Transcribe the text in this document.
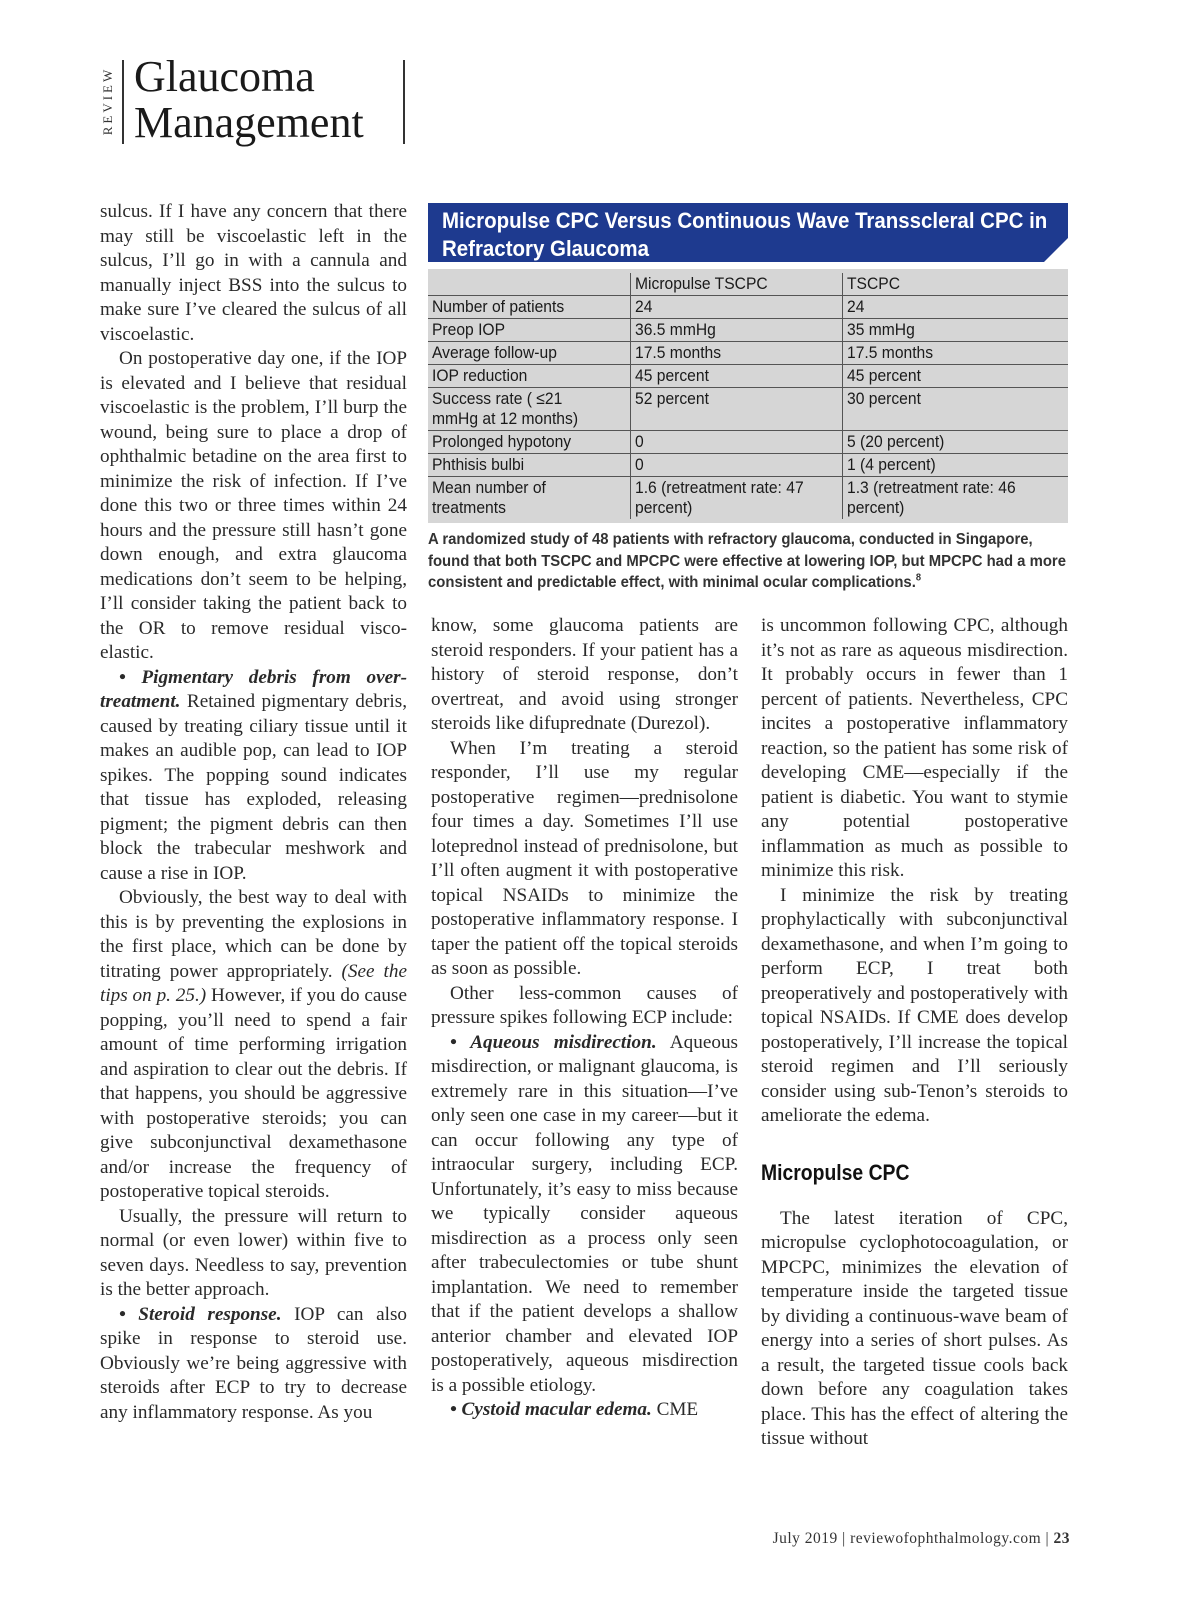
REVIEW Glaucoma
Management

sulcus. If I have any concern that there may still be viscoelastic left in the sulcus, I’ll go in with a cannula and manually inject BSS into the sulcus to make sure I’ve cleared the sulcus of all viscoelastic.

On postoperative day one, if the IOP is elevated and I believe that residual viscoelastic is the problem, I’ll burp the wound, being sure to place a drop of ophthalmic betadine on the area first to minimize the risk of infection. If I’ve done this two or three times within 24 hours and the pressure still hasn’t gone down enough, and extra glaucoma medications don’t seem to be helping, I’ll consider taking the patient back to the OR to remove residual visco-elastic.

• Pigmentary debris from over-treatment. Retained pigmentary debris, caused by treating ciliary tissue until it makes an audible pop, can lead to IOP spikes. The popping sound indicates that tissue has exploded, releasing pigment; the pigment debris can then block the trabecular meshwork and cause a rise in IOP.

Obviously, the best way to deal with this is by preventing the explosions in the first place, which can be done by titrating power appropriately. (See the tips on p. 25.) However, if you do cause popping, you’ll need to spend a fair amount of time performing irrigation and aspiration to clear out the debris. If that happens, you should be aggressive with postoperative steroids; you can give subconjunctival dexamethasone and/or increase the frequency of postoperative topical steroids.

Usually, the pressure will return to normal (or even lower) within five to seven days. Needless to say, prevention is the better approach.

• Steroid response. IOP can also spike in response to steroid use. Obviously we’re being aggressive with steroids after ECP to try to decrease any inflammatory response. As you

Micropulse CPC Versus Continuous Wave Transscleral CPC in Refractory Glaucoma
	Micropulse TSCPC	TSCPC
Number of patients	24	24
Preop IOP	36.5 mmHg	35 mmHg
Average follow-up	17.5 months	17.5 months
IOP reduction	45 percent	45 percent
Success rate ( ≤21 mmHg at 12 months)	52 percent	30 percent
Prolonged hypotony	0	5 (20 percent)
Phthisis bulbi	0	1 (4 percent)
Mean number of treatments	1.6 (retreatment rate: 47 percent)	1.3 (retreatment rate: 46 percent)
A randomized study of 48 patients with refractory glaucoma, conducted in Singapore, found that both TSCPC and MPCPC were effective at lowering IOP, but MPCPC had a more consistent and predictable effect, with minimal ocular complications.$^8$

know, some glaucoma patients are steroid responders. If your patient has a history of steroid response, don’t overtreat, and avoid using stronger steroids like difuprednate (Durezol).

When I’m treating a steroid responder, I’ll use my regular postoperative regimen—prednisolone four times a day. Sometimes I’ll use loteprednol instead of prednisolone, but I’ll often augment it with postoperative topical NSAIDs to minimize the postoperative inflammatory response. I taper the patient off the topical steroids as soon as possible.

Other less-common causes of pressure spikes following ECP include:

• Aqueous misdirection. Aqueous misdirection, or malignant glaucoma, is extremely rare in this situation—I’ve only seen one case in my career—but it can occur following any type of intraocular surgery, including ECP. Unfortunately, it’s easy to miss because we typically consider aqueous misdirection as a process only seen after trabeculectomies or tube shunt implantation. We need to remember that if the patient develops a shallow anterior chamber and elevated IOP postoperatively, aqueous misdirection is a possible etiology.

• Cystoid macular edema. CME

is uncommon following CPC, although it’s not as rare as aqueous misdirection. It probably occurs in fewer than 1 percent of patients. Nevertheless, CPC incites a postoperative inflammatory reaction, so the patient has some risk of developing CME—especially if the patient is diabetic. You want to stymie any potential postoperative inflammation as much as possible to minimize this risk.

I minimize the risk by treating prophylactically with subconjunctival dexamethasone, and when I’m going to perform ECP, I treat both preoperatively and postoperatively with topical NSAIDs. If CME does develop postoperatively, I’ll increase the topical steroid regimen and I’ll seriously consider using sub-Tenon’s steroids to ameliorate the edema.

Micropulse CPC

The latest iteration of CPC, micropulse cyclophotocoagulation, or MPCPC, minimizes the elevation of temperature inside the targeted tissue by dividing a continuous-wave beam of energy into a series of short pulses. As a result, the targeted tissue cools back down before any coagulation takes place. This has the effect of altering the tissue without

July 2019 | reviewofophthalmology.com | 23
